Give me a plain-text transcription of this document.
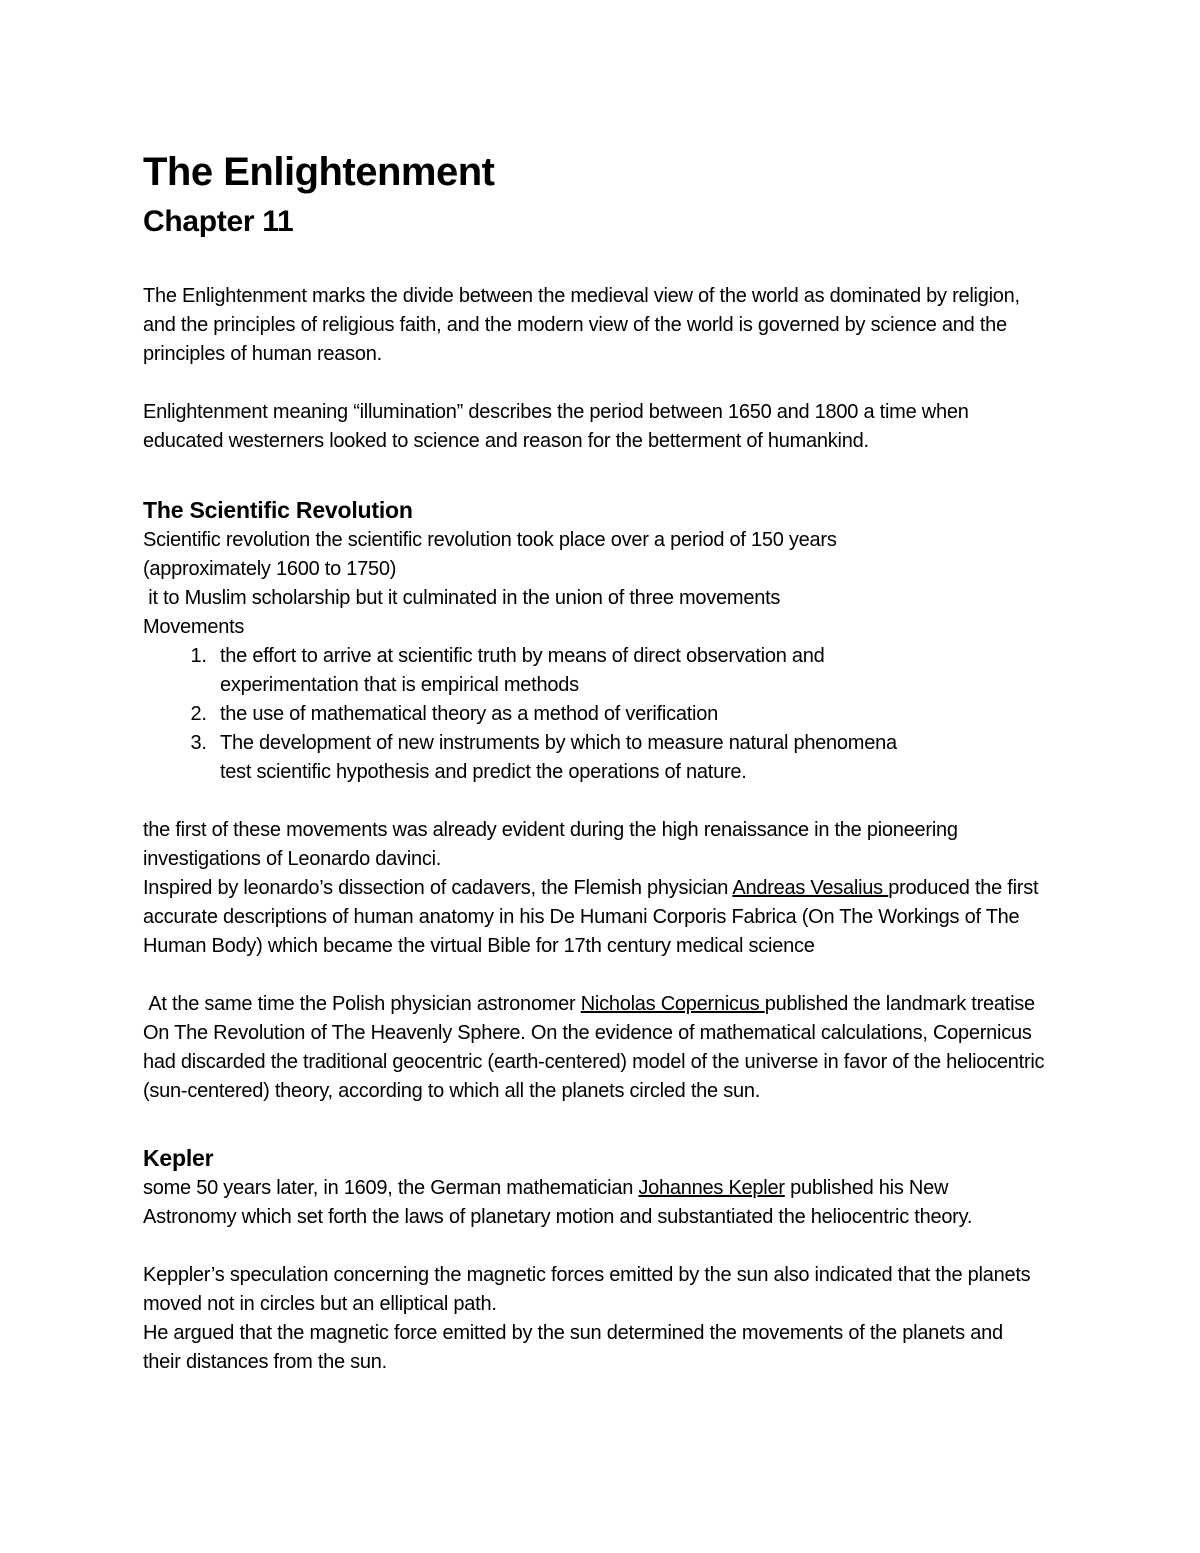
The Enlightenment
Chapter 11

The Enlightenment marks the divide between the medieval view of the world as dominated by religion, and the principles of religious faith, and the modern view of the world is governed by science and the principles of human reason.

Enlightenment meaning “illumination” describes the period between 1650 and 1800 a time when educated westerners looked to science and reason for the betterment of humankind.

The Scientific Revolution

Scientific revolution the scientific revolution took place over a period of 150 years (approximately 1600 to 1750)

it to Muslim scholarship but it culminated in the union of three movements

Movements

1. the effort to arrive at scientific truth by means of direct observation and experimentation that is empirical methods
2. the use of mathematical theory as a method of verification
3. The development of new instruments by which to measure natural phenomena test scientific hypothesis and predict the operations of nature.

the first of these movements was already evident during the high renaissance in the pioneering investigations of Leonardo davinci.

Inspired by leonardo’s dissection of cadavers, the Flemish physician Andreas Vesalius produced the first accurate descriptions of human anatomy in his De Humani Corporis Fabrica (On The Workings of The Human Body) which became the virtual Bible for 17th century medical science

At the same time the Polish physician astronomer Nicholas Copernicus published the landmark treatise On The Revolution of The Heavenly Sphere. On the evidence of mathematical calculations, Copernicus had discarded the traditional geocentric (earth-centered) model of the universe in favor of the heliocentric (sun-centered) theory, according to which all the planets circled the sun.

Kepler

some 50 years later, in 1609, the German mathematician Johannes Kepler published his New Astronomy which set forth the laws of planetary motion and substantiated the heliocentric theory.

Keppler’s speculation concerning the magnetic forces emitted by the sun also indicated that the planets moved not in circles but an elliptical path.

He argued that the magnetic force emitted by the sun determined the movements of the planets and their distances from the sun.
